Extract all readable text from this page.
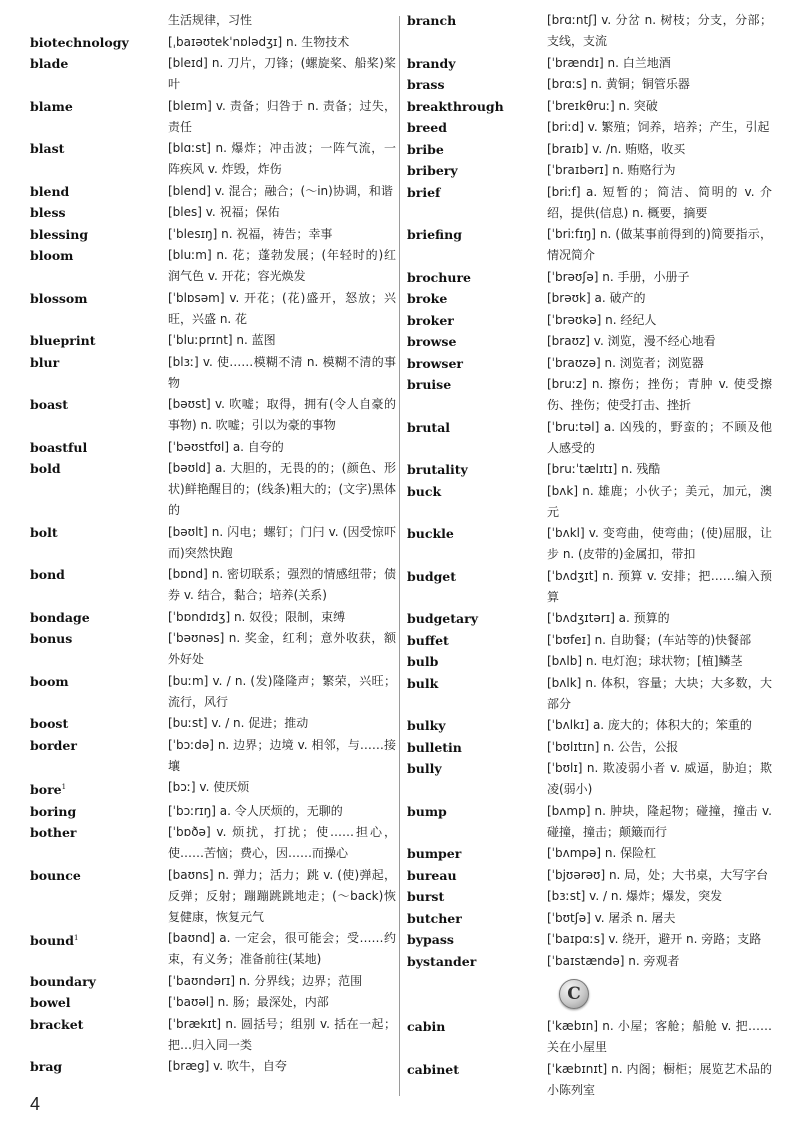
生活规律，习性
biotechnology	[ˌbaɪəʊtekˈnɒlədʒɪ] n. 生物技术
blade	[bleɪd] n. 刀片，刀锋；(螺旋桨、船桨)桨叶
blame	[bleɪm] v. 责备；归咎于 n. 责备；过失，责任
blast	[blɑːst] n. 爆炸；冲击波；一阵气流，一阵疾风 v. 炸毁，炸伤
blend	[blend] v. 混合；融合；(～in)协调，和谐
bless	[bles] v. 祝福；保佑
blessing	[ˈblesɪŋ] n. 祝福，祷告；幸事
bloom	[bluːm] n. 花；蓬勃发展；(年轻时的)红润气色 v. 开花；容光焕发
blossom	[ˈblɒsəm] v. 开花；(花)盛开，怒放；兴旺，兴盛 n. 花
blueprint	[ˈbluːprɪnt] n. 蓝图
blur	[blɜː] v. 使……模糊不清 n. 模糊不清的事物
boast	[bəʊst] v. 吹嘘；取得，拥有(令人自豪的事物) n. 吹嘘；引以为豪的事物
boastful	[ˈbəʊstfʊl] a. 自夸的
bold	[bəʊld] a. 大胆的，无畏的的；(颜色、形状)鲜艳醒目的；(线条)粗大的；(文字)黑体的
bolt	[bəʊlt] n. 闪电；螺钉；门闩 v. (因受惊吓而)突然快跑
bond	[bɒnd] n. 密切联系；强烈的情感纽带；债券 v. 结合，黏合；培养(关系)
bondage	[ˈbɒndɪdʒ] n. 奴役；限制，束缚
bonus	[ˈbəʊnəs] n. 奖金，红利；意外收获，额外好处
boom	[buːm] v. / n. (发)隆隆声；繁荣，兴旺；流行，风行
boost	[buːst] v. / n. 促进；推动
border	[ˈbɔːdə] n. 边界；边境 v. 相邻，与……接壤
bore$^1$	[bɔː] v. 使厌烦
boring	[ˈbɔːrɪŋ] a. 令人厌烦的，无聊的
bother	[ˈbɒðə] v. 烦扰，打扰；使……担心，使……苦恼；费心，因……而操心
bounce	[baʊns] n. 弹力；活力；跳 v. (使)弹起，反弹；反射；蹦蹦跳跳地走；(～back)恢复健康，恢复元气
bound$^1$	[baʊnd] a. 一定会，很可能会；受……约束，有义务；准备前往(某地)
boundary	[ˈbaʊndərɪ] n. 分界线；边界；范围
bowel	[ˈbaʊəl] n. 肠；最深处，内部
bracket	[ˈbrækɪt] n. 圆括号；组别 v. 括在一起；把…归入同一类
brag	[bræg] v. 吹牛，自夸
branch	[brɑːntʃ] v. 分岔 n. 树枝；分支，分部；支线，支流
brandy	[ˈbrændɪ] n. 白兰地酒
brass	[brɑːs] n. 黄铜；铜管乐器
breakthrough	[ˈbreɪkθruː] n. 突破
breed	[briːd] v. 繁殖；饲养，培养；产生，引起
bribe	[braɪb] v. /n. 贿赂，收买
bribery	[ˈbraɪbərɪ] n. 贿赂行为
brief	[briːf] a. 短暂的；简洁、简明的 v. 介绍，提供(信息) n. 概要，摘要
briefing	[ˈbriːfɪŋ] n. (做某事前得到的)简要指示，情况简介
brochure	[ˈbrəʊʃə] n. 手册，小册子
broke	[brəʊk] a. 破产的
broker	[ˈbrəʊkə] n. 经纪人
browse	[braʊz] v. 浏览，漫不经心地看
browser	[ˈbraʊzə] n. 浏览者；浏览器
bruise	[bruːz] n. 擦伤；挫伤；青肿 v. 使受擦伤、挫伤；使受打击、挫折
brutal	[ˈbruːtəl] a. 凶残的，野蛮的；不顾及他人感受的
brutality	[bruːˈtælɪtɪ] n. 残酷
buck	[bʌk] n. 雄鹿；小伙子；美元，加元，澳元
buckle	[ˈbʌkl] v. 变弯曲，使弯曲；(使)屈服，让步 n. (皮带的)金属扣，带扣
budget	[ˈbʌdʒɪt] n. 预算 v. 安排；把……编入预算
budgetary	[ˈbʌdʒɪtərɪ] a. 预算的
buffet	[ˈbʊfeɪ] n. 自助餐；(车站等的)快餐部
bulb	[bʌlb] n. 电灯泡；球状物；[植]鳞茎
bulk	[bʌlk] n. 体积，容量；大块；大多数，大部分
bulky	[ˈbʌlkɪ] a. 庞大的；体积大的；笨重的
bulletin	[ˈbʊlɪtɪn] n. 公告，公报
bully	[ˈbʊlɪ] n. 欺凌弱小者 v. 威逼，胁迫；欺凌(弱小)
bump	[bʌmp] n. 肿块，隆起物；碰撞，撞击 v. 碰撞，撞击；颠簸而行
bumper	[ˈbʌmpə] n. 保险杠
bureau	[ˈbjʊərəʊ] n. 局，处；大书桌，大写字台
burst	[bɜːst] v. / n. 爆炸；爆发，突发
butcher	[ˈbʊtʃə] v. 屠杀 n. 屠夫
bypass	[ˈbaɪpɑːs] v. 绕开，避开 n. 旁路；支路
bystander	[ˈbaɪstændə] n. 旁观者
C
cabin	[ˈkæbɪn] n. 小屋；客舱；船舱 v. 把……关在小屋里
cabinet	[ˈkæbɪnɪt] n. 内阁；橱柜；展览艺术品的小陈列室
4
